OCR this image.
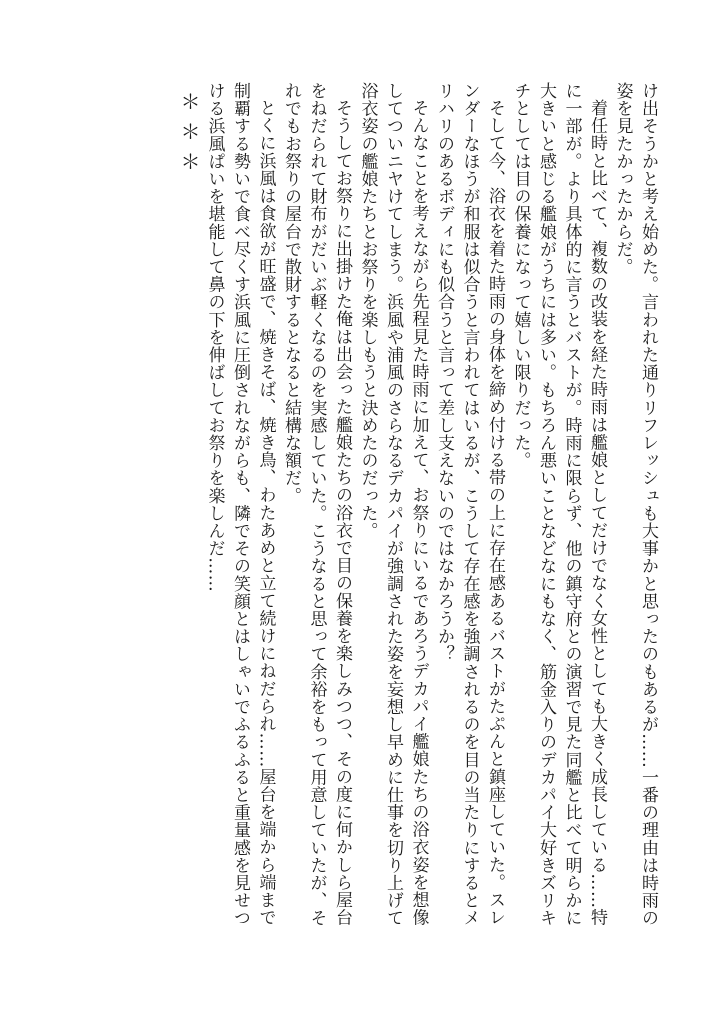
け出そうかと考え始めた。言われた通りリフレッシュも大事かと思ったのもあるが……一番の理由は時雨の姿を見たかったからだ。

着任時と比べて、複数の改装を経た時雨は艦娘としてだけでなく女性としても大きく成長している……特に一部が。より具体的に言うとバストが。時雨に限らず、他の鎮守府との演習で見た同艦と比べて明らかに大きいと感じる艦娘がうちには多い。もちろん悪いことなどなにもなく、筋金入りのデカパイ大好きズリキチとしては目の保養になって嬉しい限りだった。

そして今、浴衣を着た時雨の身体を締め付ける帯の上に存在感あるバストがたぷんと鎮座していた。スレンダーなほうが和服は似合うと言われてはいるが、こうして存在感を強調されるのを目の当たりにするとメリハリのあるボディにも似合うと言って差し支えないのではなかろうか？

そんなことを考えながら先程見た時雨に加えて、お祭りにいるであろうデカパイ艦娘たちの浴衣姿を想像してついニヤけてしまう。浜風や浦風のさらなるデカパイが強調された姿を妄想し早めに仕事を切り上げて浴衣姿の艦娘たちとお祭りを楽しもうと決めたのだった。

そうしてお祭りに出掛けた俺は出会った艦娘たちの浴衣で目の保養を楽しみつつ、その度に何かしら屋台をねだられて財布がだいぶ軽くなるのを実感していた。こうなると思って余裕をもって用意していたが、それでもお祭りの屋台で散財するとなると結構な額だ。

とくに浜風は食欲が旺盛で、焼きそば、焼き鳥、わたあめと立て続けにねだられ……屋台を端から端まで制覇する勢いで食べ尽くす浜風に圧倒されながらも、隣でその笑顔とはしゃいでふるふると重量感を見せつける浜風ぱいを堪能して鼻の下を伸ばしてお祭りを楽しんだ……

＊＊＊
